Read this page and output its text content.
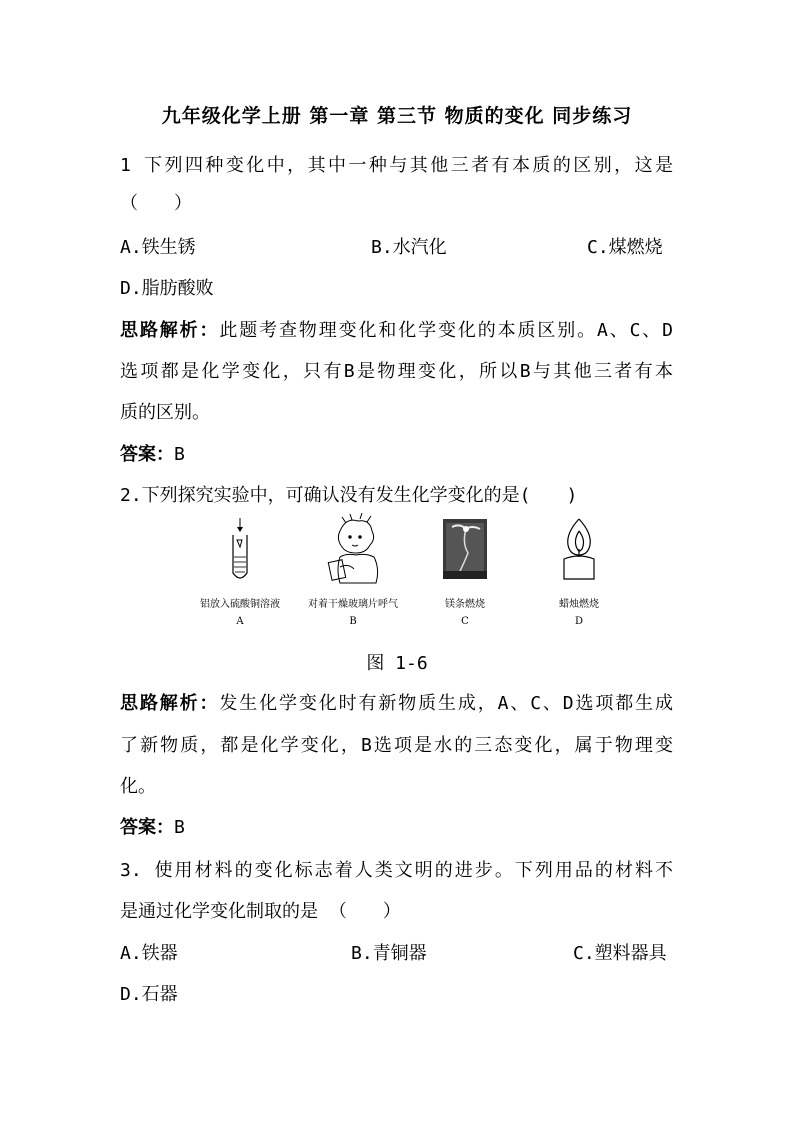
九年级化学上册 第一章 第三节 物质的变化 同步练习
1 下列四种变化中，其中一种与其他三者有本质的区别，这是
（　　）
A.铁生锈	B.水汽化	C.煤燃烧
D.脂肪酸败
思路解析：此题考查物理变化和化学变化的本质区别。A、C、D
选项都是化学变化，只有B是物理变化，所以B与其他三者有本
质的区别。
答案：B
2.下列探究实验中，可确认没有发生化学变化的是(　　)
铝放入硫酸铜溶液	对着干燥玻璃片呼气	镁条燃烧	蜡烛燃烧
A	B	C	D
图 1-6
思路解析：发生化学变化时有新物质生成，A、C、D选项都生成
了新物质，都是化学变化，B选项是水的三态变化，属于物理变
化。
答案：B
3. 使用材料的变化标志着人类文明的进步。下列用品的材料不
是通过化学变化制取的是 （　　）
A.铁器	B.青铜器	C.塑料器具
D.石器
